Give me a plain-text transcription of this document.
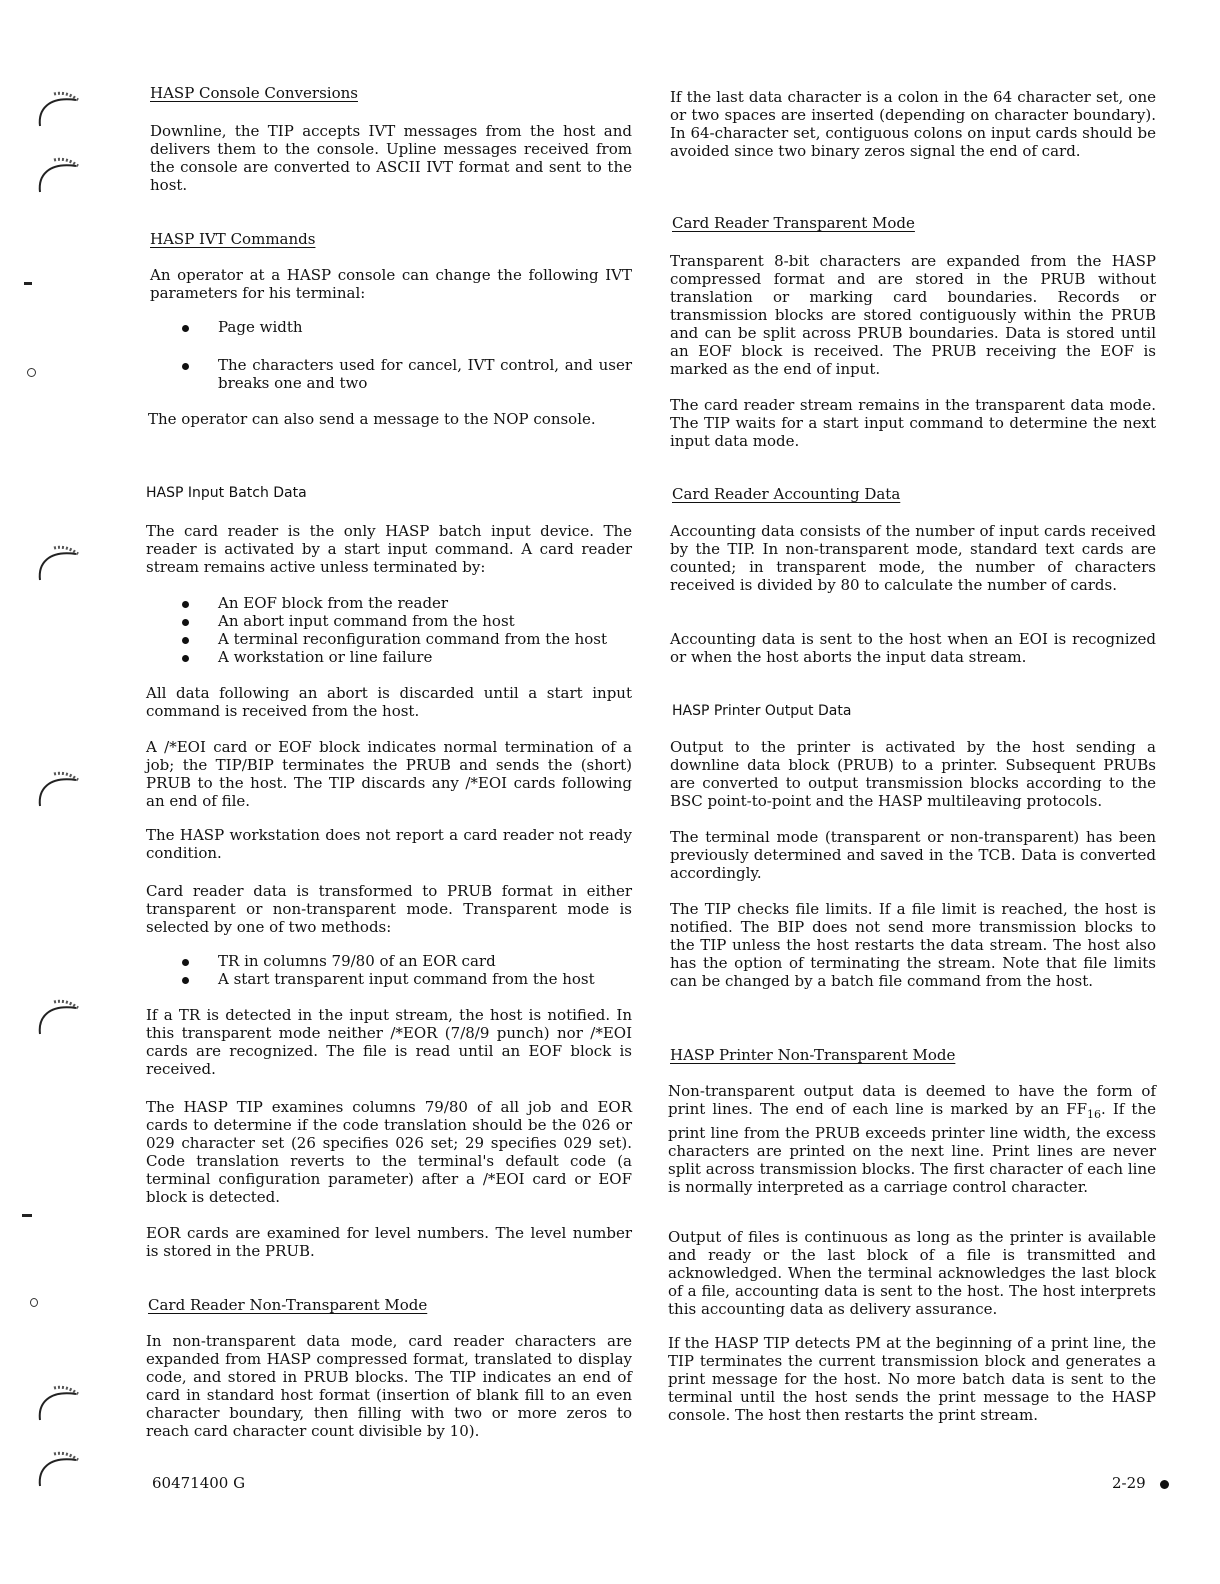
HASP Console Conversions

Downline, the TIP accepts IVT messages from the host and delivers them to the console. Upline messages received from the console are converted to ASCII IVT format and sent to the host.

HASP IVT Commands

An operator at a HASP console can change the following IVT parameters for his terminal:

Page width
The characters used for cancel, IVT control, and user breaks one and two

The operator can also send a message to the NOP console.

HASP Input Batch Data

The card reader is the only HASP batch input device. The reader is activated by a start input command. A card reader stream remains active unless terminated by:

An EOF block from the reader
An abort input command from the host
A terminal reconfiguration command from the host
A workstation or line failure

All data following an abort is discarded until a start input command is received from the host.

A /*EOI card or EOF block indicates normal termination of a job; the TIP/BIP terminates the PRUB and sends the (short) PRUB to the host. The TIP discards any /*EOI cards following an end of file.

The HASP workstation does not report a card reader not ready condition.

Card reader data is transformed to PRUB format in either transparent or non-transparent mode. Transparent mode is selected by one of two methods:

TR in columns 79/80 of an EOR card
A start transparent input command from the host

If a TR is detected in the input stream, the host is notified. In this transparent mode neither /*EOR (7/8/9 punch) nor /*EOI cards are recognized. The file is read until an EOF block is received.

The HASP TIP examines columns 79/80 of all job and EOR cards to determine if the code translation should be the 026 or 029 character set (26 specifies 026 set; 29 specifies 029 set). Code translation reverts to the terminal's default code (a terminal configuration parameter) after a /*EOI card or EOF block is detected.

EOR cards are examined for level numbers. The level number is stored in the PRUB.

Card Reader Non-Transparent Mode

In non-transparent data mode, card reader characters are expanded from HASP compressed format, translated to display code, and stored in PRUB blocks. The TIP indicates an end of card in standard host format (insertion of blank fill to an even character boundary, then filling with two or more zeros to reach card character count divisible by 10).

If the last data character is a colon in the 64 character set, one or two spaces are inserted (depending on character boundary). In 64-character set, contiguous colons on input cards should be avoided since two binary zeros signal the end of card.

Card Reader Transparent Mode

Transparent 8-bit characters are expanded from the HASP compressed format and are stored in the PRUB without translation or marking card boundaries. Records or transmission blocks are stored contiguously within the PRUB and can be split across PRUB boundaries. Data is stored until an EOF block is received. The PRUB receiving the EOF is marked as the end of input.

The card reader stream remains in the transparent data mode. The TIP waits for a start input command to determine the next input data mode.

Card Reader Accounting Data

Accounting data consists of the number of input cards received by the TIP. In non-transparent mode, standard text cards are counted; in transparent mode, the number of characters received is divided by 80 to calculate the number of cards.

Accounting data is sent to the host when an EOI is recognized or when the host aborts the input data stream.

HASP Printer Output Data

Output to the printer is activated by the host sending a downline data block (PRUB) to a printer. Subsequent PRUBs are converted to output transmission blocks according to the BSC point-to-point and the HASP multileaving protocols.

The terminal mode (transparent or non-transparent) has been previously determined and saved in the TCB. Data is converted accordingly.

The TIP checks file limits. If a file limit is reached, the host is notified. The BIP does not send more transmission blocks to the TIP unless the host restarts the data stream. The host also has the option of terminating the stream. Note that file limits can be changed by a batch file command from the host.

HASP Printer Non-Transparent Mode

Non-transparent output data is deemed to have the form of print lines. The end of each line is marked by an $FF_{16}$. If the print line from the PRUB exceeds printer line width, the excess characters are printed on the next line. Print lines are never split across transmission blocks. The first character of each line is normally interpreted as a carriage control character.

Output of files is continuous as long as the printer is available and ready or the last block of a file is transmitted and acknowledged. When the terminal acknowledges the last block of a file, accounting data is sent to the host. The host interprets this accounting data as delivery assurance.

If the HASP TIP detects PM at the beginning of a print line, the TIP terminates the current transmission block and generates a print message for the host. No more batch data is sent to the terminal until the host sends the print message to the HASP console. The host then restarts the print stream.

60471400 G	2-29
